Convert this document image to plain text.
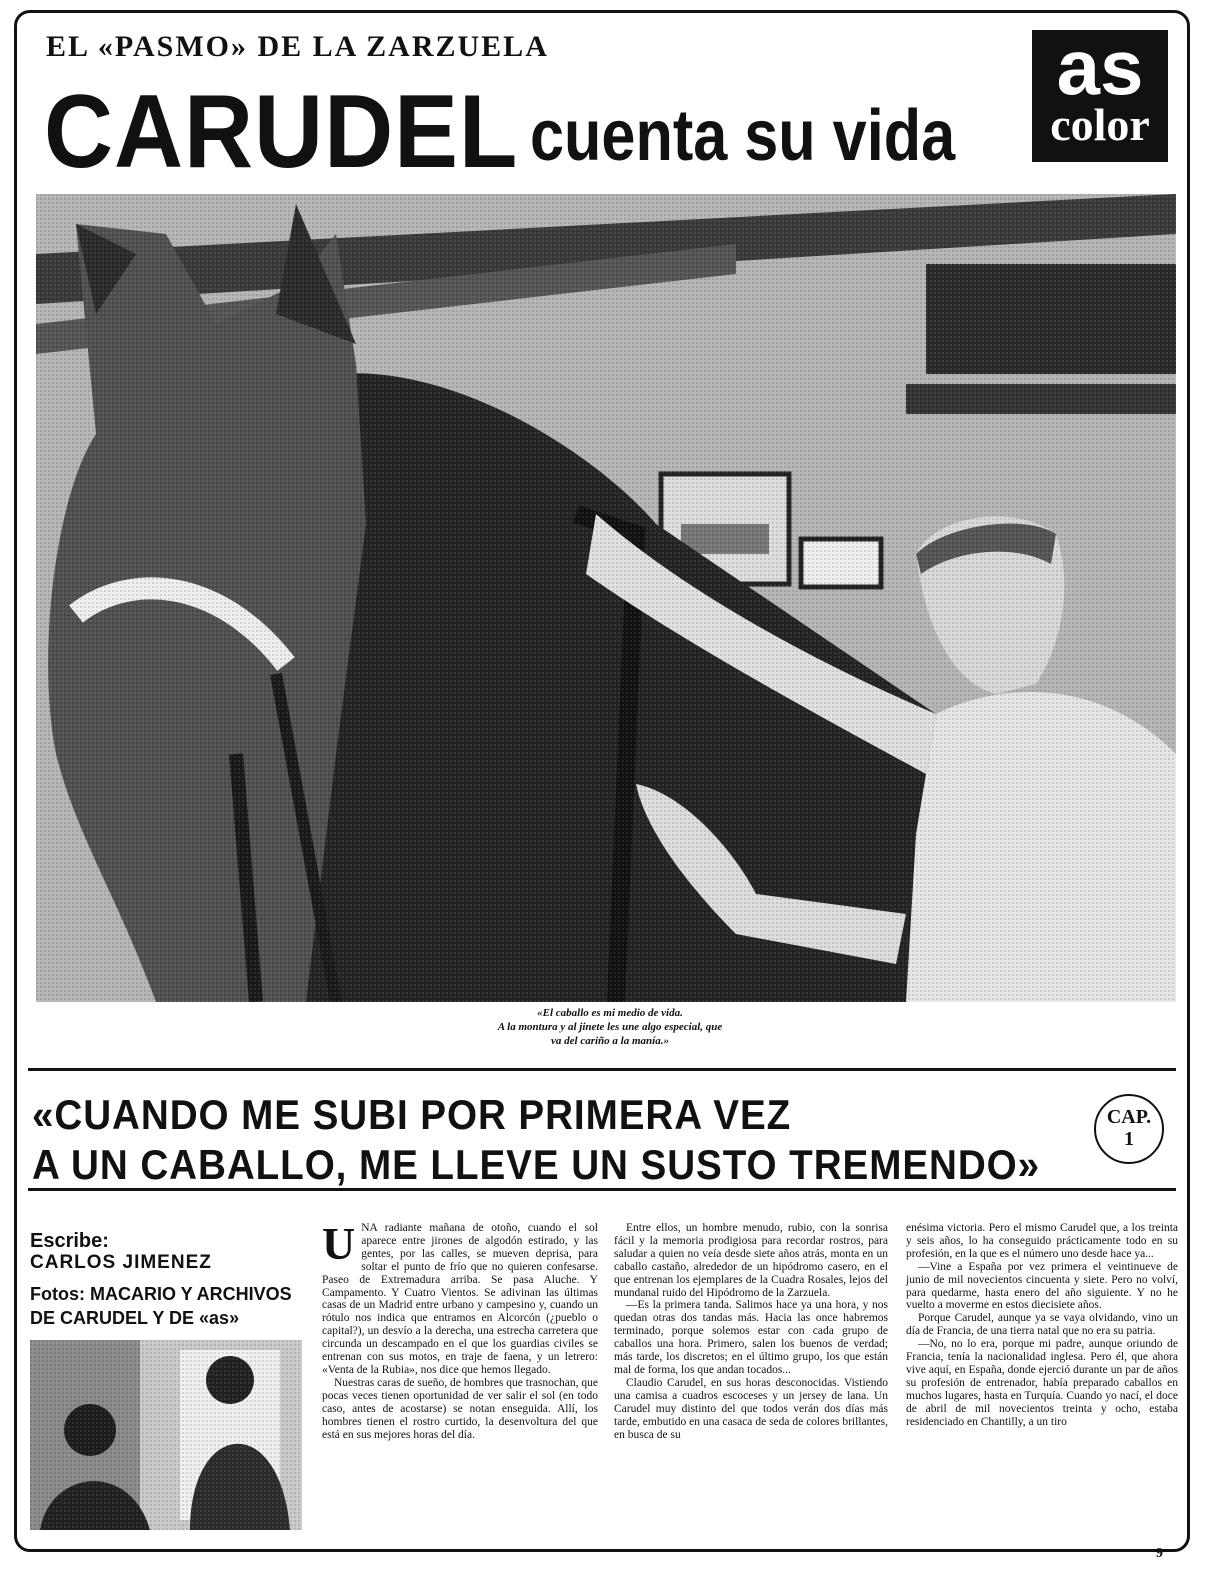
EL «PASMO» DE LA ZARZUELA
CARUDEL cuenta su vida
as
color
«El caballo es mi medio de vida.
A la montura y al jinete les une algo especial, que
va del cariño a la manía.»
«CUANDO ME SUBI POR PRIMERA VEZ
A UN CABALLO, ME LLEVE UN SUSTO TREMENDO»
CAP.
1
Escribe:
CARLOS JIMENEZ
Fotos: MACARIO Y ARCHIVOS DE CARUDEL Y DE «as»
U NA radiante mañana de otoño, cuando el sol aparece entre jirones de algodón estirado, y las gentes, por las calles, se mueven deprisa, para soltar el punto de frío que no quieren confesarse. Paseo de Extremadura arriba. Se pasa Aluche. Y Campamento. Y Cuatro Vientos. Se adivinan las últimas casas de un Madrid entre urbano y campesino y, cuando un rótulo nos indica que entramos en Alcorcón (¿pueblo o capital?), un desvío a la derecha, una estrecha carretera que circunda un descampado en el que los guardias civiles se entrenan con sus motos, en traje de faena, y un letrero: «Venta de la Rubia», nos dice que hemos llegado.

Nuestras caras de sueño, de hombres que trasnochan, que pocas veces tienen oportunidad de ver salir el sol (en todo caso, antes de acostarse) se notan enseguida. Allí, los hombres tienen el rostro curtido, la desenvoltura del que está en sus mejores horas del día.

Entre ellos, un hombre menudo, rubio, con la sonrisa fácil y la memoria prodigiosa para recordar rostros, para saludar a quien no veía desde siete años atrás, monta en un caballo castaño, alrededor de un hipódromo casero, en el que entrenan los ejemplares de la Cuadra Rosales, lejos del mundanal ruido del Hipódromo de la Zarzuela.

—Es la primera tanda. Salimos hace ya una hora, y nos quedan otras dos tandas más. Hacia las once habremos terminado, porque solemos estar con cada grupo de caballos una hora. Primero, salen los buenos de verdad; más tarde, los discretos; en el último grupo, los que están mal de forma, los que andan tocados...

Claudio Carudel, en sus horas desconocidas. Vistiendo una camisa a cuadros escoceses y un jersey de lana. Un Carudel muy distinto del que todos verán dos días más tarde, embutido en una casaca de seda de colores brillantes, en busca de su

enésima victoria. Pero el mismo Carudel que, a los treinta y seis años, lo ha conseguido prácticamente todo en su profesión, en la que es el número uno desde hace ya...

—Vine a España por vez primera el veintinueve de junio de mil novecientos cincuenta y siete. Pero no volví, para quedarme, hasta enero del año siguiente. Y no he vuelto a moverme en estos diecisiete años.

Porque Carudel, aunque ya se vaya olvidando, vino un día de Francia, de una tierra natal que no era su patria.

—No, no lo era, porque mi padre, aunque oriundo de Francia, tenía la nacionalidad inglesa. Pero él, que ahora vive aquí, en España, donde ejerció durante un par de años su profesión de entrenador, había preparado caballos en muchos lugares, hasta en Turquía. Cuando yo nací, el doce de abril de mil novecientos treinta y ocho, estaba residenciado en Chantilly, a un tiro

9
